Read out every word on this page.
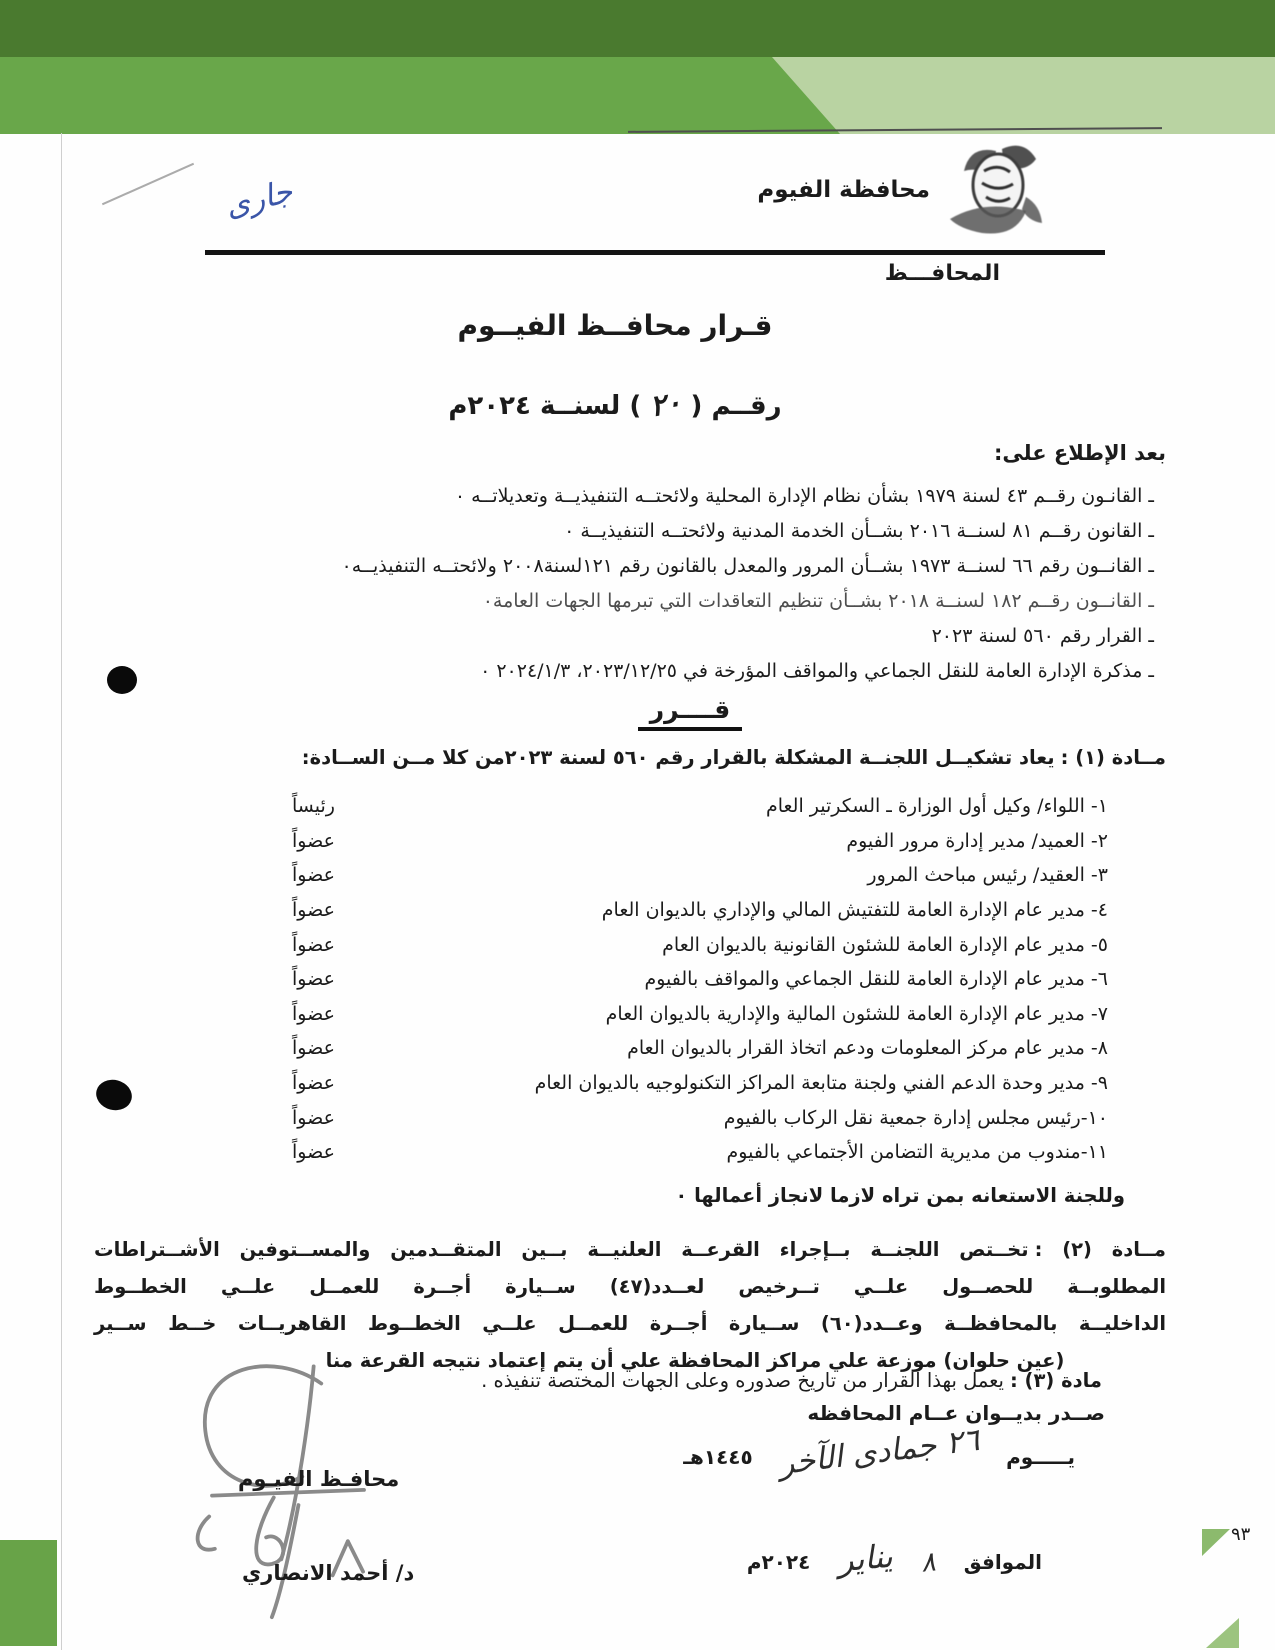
٩٣
جارى	محافظة الفيوم
المحافـــظ
قـرار محافــظ الفيــوم
رقــم ( ٢٠ ) لسنــة ٢٠٢٤م
بعد الإطلاع على:
ـ القانـون رقــم ٤٣ لسنة ١٩٧٩ بشأن نظام الإدارة المحلية ولائحتــه التنفيذيــة وتعديلاتــه ٠
ـ القانون رقــم ٨١ لسنــة ٢٠١٦ بشــأن الخدمة المدنية ولائحتــه التنفيذيــة ٠
ـ القانــون رقم ٦٦ لسنــة ١٩٧٣ بشــأن المرور والمعدل بالقانون رقم ١٢١لسنة٢٠٠٨ ولائحتــه التنفيذيــه٠
ـ القانــون رقــم ١٨٢ لسنــة ٢٠١٨ بشــأن تنظيم التعاقدات التي تبرمها الجهات العامة٠
ـ القرار رقم ٥٦٠ لسنة ٢٠٢٣
ـ مذكرة الإدارة العامة للنقل الجماعي والمواقف المؤرخة في ٢٠٢٣/١٢/٢٥، ٢٠٢٤/١/٣ ٠
قــــرر
مــادة (١) :يعاد تشكيــل اللجنــة المشكلة بالقرار رقم ٥٦٠ لسنة ٢٠٢٣من كلا مــن الســادة:
١- اللواء/ وكيل أول الوزارة ـ السكرتير العام
رئيساً
٢- العميد/ مدير إدارة مرور الفيوم
عضواً
٣- العقيد/ رئيس مباحث المرور
عضواً
٤- مدير عام الإدارة العامة للتفتيش المالي والإداري بالديوان العام
عضواً
٥- مدير عام الإدارة العامة للشئون القانونية بالديوان العام
عضواً
٦- مدير عام الإدارة العامة للنقل الجماعي والمواقف بالفيوم
عضواً
٧- مدير عام الإدارة العامة للشئون المالية والإدارية بالديوان العام
عضواً
٨- مدير عام مركز المعلومات ودعم اتخاذ القرار بالديوان العام
عضواً
٩- مدير وحدة الدعم الفني ولجنة متابعة المراكز التكنولوجيه بالديوان العام
عضواً
١٠-رئيس مجلس إدارة جمعية نقل الركاب بالفيوم
عضواً
١١-مندوب من مديرية التضامن الأجتماعي بالفيوم
عضواً
وللجنة الاستعانه بمن تراه لازما لانجاز أعمالها ٠
مــادة (٢) :تخــتص اللجنــة بــإجراء القرعــة العلنيــة بــين المتقــدمين والمســتوفين الأشــتراطات
المطلوبــة للحصــول علــي تــرخيص لعــدد(٤٧) ســيارة أجــرة للعمــل علــي الخطــوط
الداخليــة بالمحافظــة وعــدد(٦٠) ســيارة أجــرة للعمــل علــي الخطــوط القاهريــات خــط ســير
(عين حلوان) موزعة علي مراكز المحافظة علي أن يتم إعتماد نتيجه القرعة منا
مادة (٣) :يعمل بهذا القرار من تاريخ صدوره وعلى الجهات المختصة تنفيذه .
صــدر بديــوان عــام المحافظه
يـــــوم
٢٦ جمادى الآخر
١٤٤٥هـ
الموافق
٨
يناير
٢٠٢٤م
محافـظ الفيـوم
د/ أحمد الانصاري
